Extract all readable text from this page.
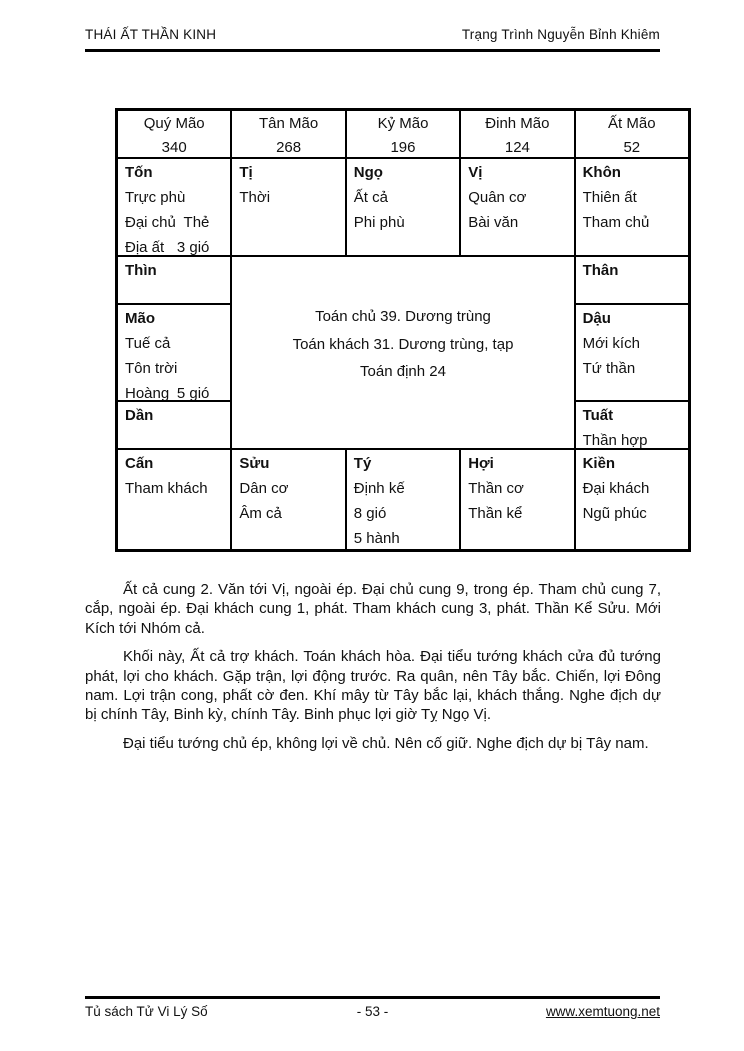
THÁI ẤT THẦN KINH	Trạng Trình Nguyễn Bỉnh Khiêm
Quý Mão
340
Tân Mão
268
Kỷ Mão
196
Đinh Mão
124
Ất Mão
52
Tốn
Trực phù
Đại chủ Thẻ
Địa ất 3 gió
Tị
Thời
Ngọ
Ất cả
Phi phù
Vị
Quân cơ
Bài văn
Khôn
Thiên ất
Tham chủ
Thìn
Mão
Tuế cả
Tôn trời
Hoàng 5 gió
Dần
Toán chủ 39. Dương trùng
Toán khách 31. Dương trùng, tạp
Toán định 24
Thân
Dậu
Mới kích
Tứ thần
Tuất
Thần hợp
Cấn
Tham khách
Sửu
Dân cơ
Âm cả
Tý
Định kế
8 gió
5 hành
Hợi
Thần cơ
Thần kể
Kiền
Đại khách
Ngũ phúc

Ất cả cung 2. Văn tới Vị, ngoài ép. Đại chủ cung 9, trong ép. Tham chủ cung 7, cắp, ngoài ép. Đại khách cung 1, phát. Tham khách cung 3, phát. Thần Kể Sửu. Mới Kích tới Nhóm cả.

Khối này, Ất cả trợ khách. Toán khách hòa. Đại tiểu tướng khách cửa đủ tướng phát, lợi cho khách. Gặp trận, lợi động trước. Ra quân, nên Tây bắc. Chiến, lợi Đông nam. Lợi trận cong, phất cờ đen. Khí mây từ Tây bắc lại, khách thắng. Nghe địch dự bị chính Tây, Binh kỳ, chính Tây. Binh phục lợi giờ Tỵ Ngọ Vị.

Đại tiểu tướng chủ ép, không lợi về chủ. Nên cố giữ. Nghe địch dự bị Tây nam.

- 53 -
Tủ sách Tử Vi Lý Số	www.xemtuong.net
